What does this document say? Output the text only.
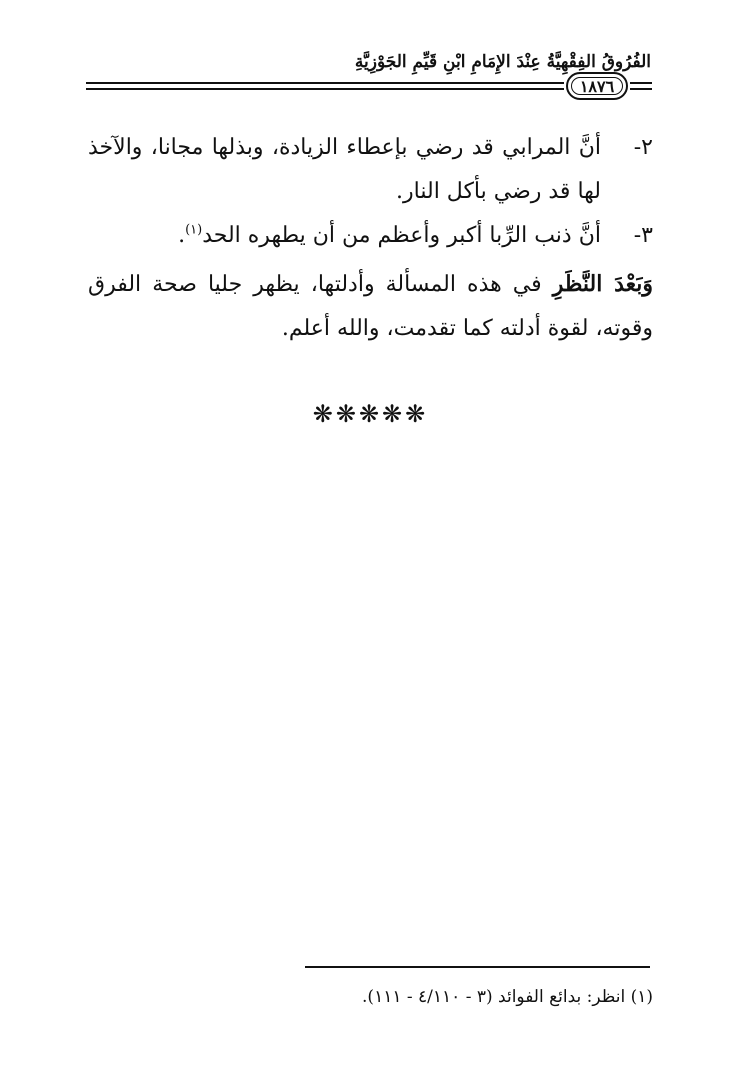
الفُرُوقُ الفِقْهِيَّةُ عِنْدَ الإِمَامِ ابْنِ قَيِّمِ الجَوْزِيَّةِ
١٨٧٦
٢-
أنَّ المرابي قد رضي بإعطاء الزيادة، وبذلها مجانا، والآخذ لها قد رضي بأكل النار.
٣-
أنَّ ذنب الرِّبا أكبر وأعظم من أن يطهره الحد$^{(١)}$.
وَبَعْدَ النَّظَرِ في هذه المسألة وأدلتها، يظهر جليا صحة الفرق وقوته، لقوة أدلته كما تقدمت، والله أعلم.
❋❋❋❋❋
(١) انظر: بدائع الفوائد (٣ - ٤/١١٠ - ١١١).
